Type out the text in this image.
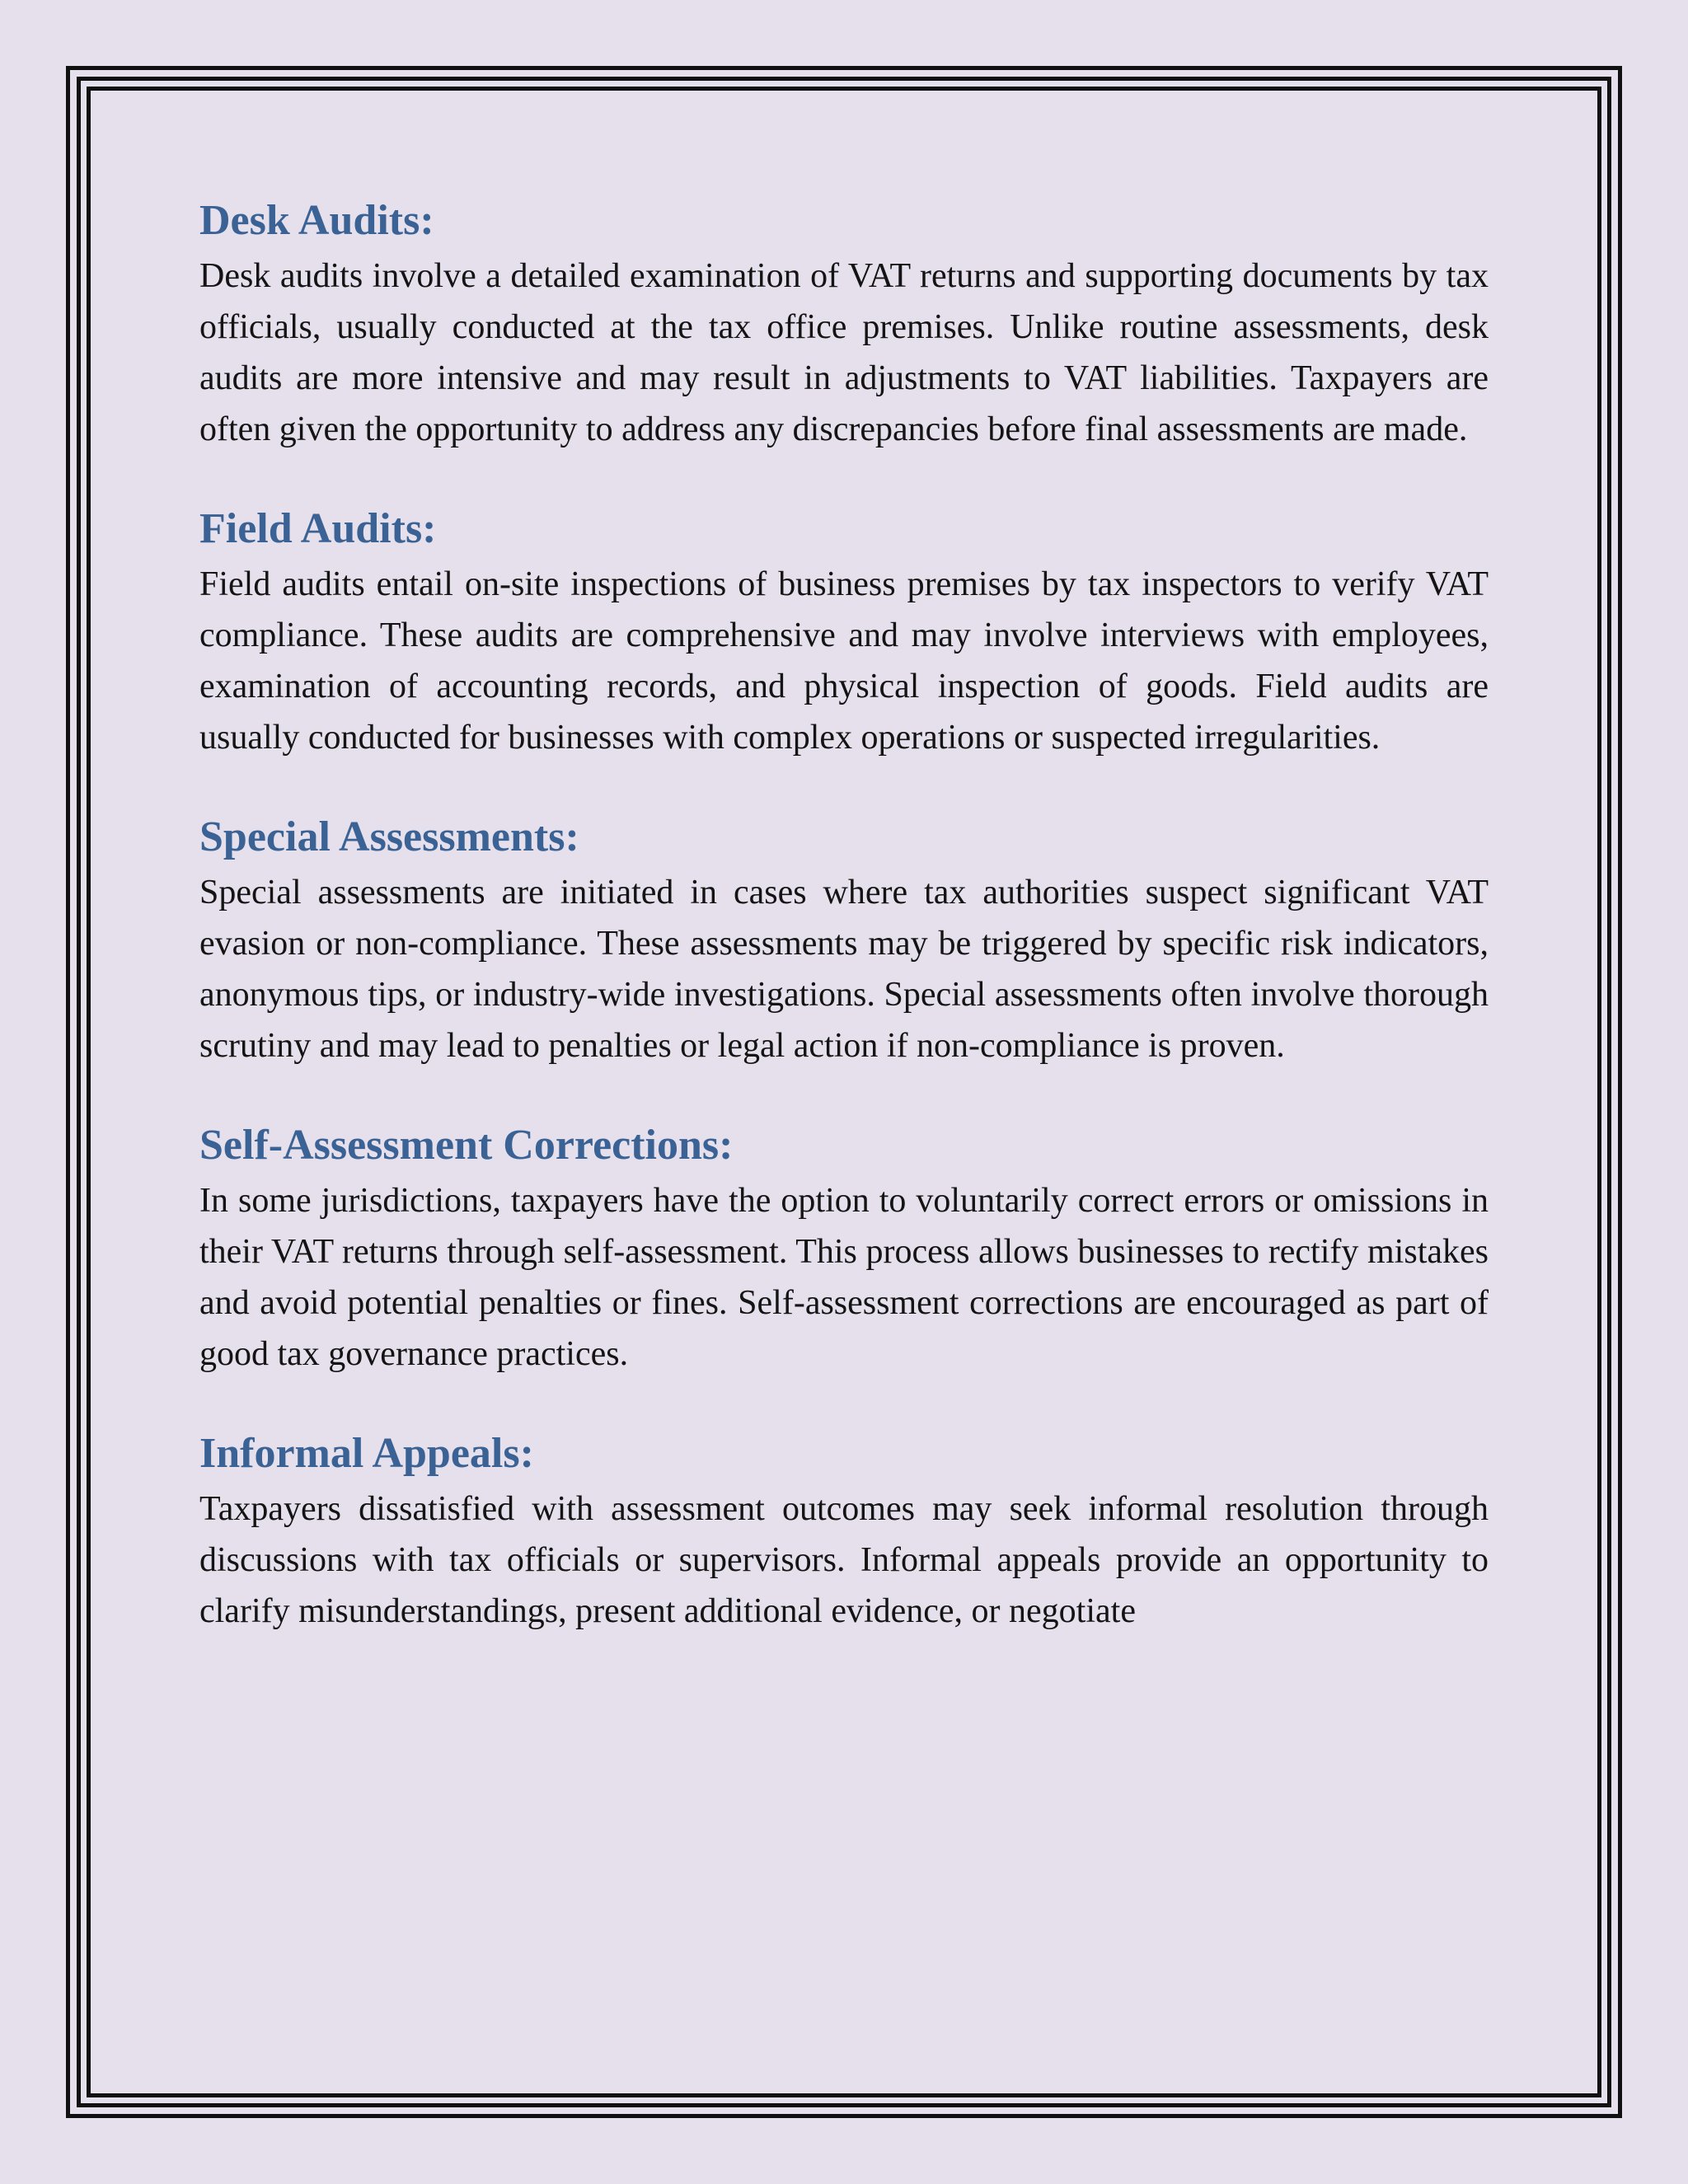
Desk Audits:

Desk audits involve a detailed examination of VAT returns and supporting documents by tax officials, usually conducted at the tax office premises. Unlike routine assessments, desk audits are more intensive and may result in adjustments to VAT liabilities. Taxpayers are often given the opportunity to address any discrepancies before final assessments are made.

Field Audits:

Field audits entail on-site inspections of business premises by tax inspectors to verify VAT compliance. These audits are comprehensive and may involve interviews with employees, examination of accounting records, and physical inspection of goods. Field audits are usually conducted for businesses with complex operations or suspected irregularities.

Special Assessments:

Special assessments are initiated in cases where tax authorities suspect significant VAT evasion or non-compliance. These assessments may be triggered by specific risk indicators, anonymous tips, or industry-wide investigations. Special assessments often involve thorough scrutiny and may lead to penalties or legal action if non-compliance is proven.

Self-Assessment Corrections:

In some jurisdictions, taxpayers have the option to voluntarily correct errors or omissions in their VAT returns through self-assessment. This process allows businesses to rectify mistakes and avoid potential penalties or fines. Self-assessment corrections are encouraged as part of good tax governance practices.

Informal Appeals:

Taxpayers dissatisfied with assessment outcomes may seek informal resolution through discussions with tax officials or supervisors. Informal appeals provide an opportunity to clarify misunderstandings, present additional evidence, or negotiate
